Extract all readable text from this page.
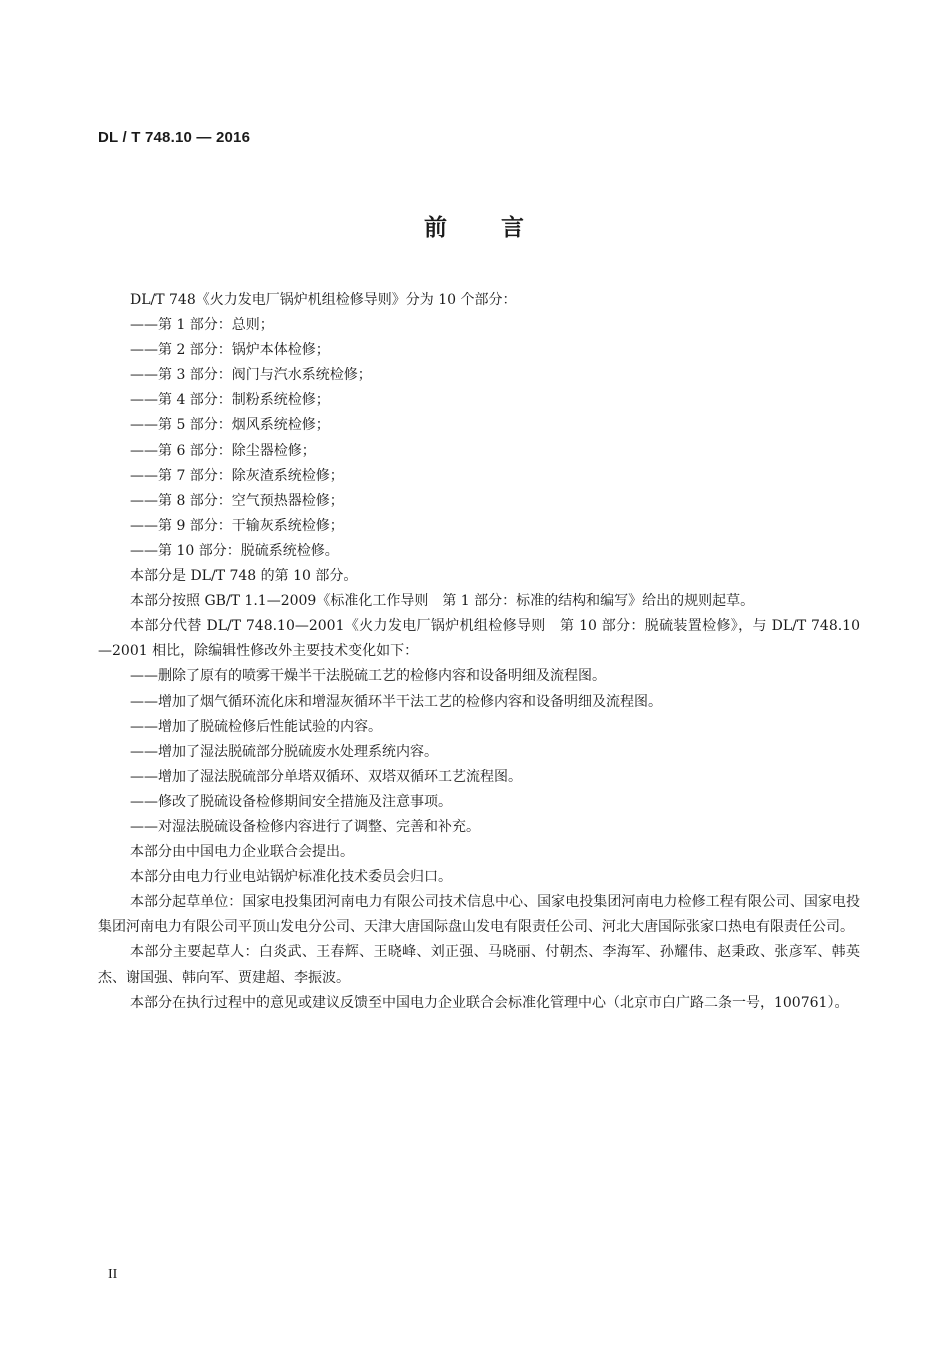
DL / T 748.10 — 2016
前 言

DL/T 748《火力发电厂锅炉机组检修导则》分为 10 个部分：

——第 1 部分：总则；

——第 2 部分：锅炉本体检修；

——第 3 部分：阀门与汽水系统检修；

——第 4 部分：制粉系统检修；

——第 5 部分：烟风系统检修；

——第 6 部分：除尘器检修；

——第 7 部分：除灰渣系统检修；

——第 8 部分：空气预热器检修；

——第 9 部分：干输灰系统检修；

——第 10 部分：脱硫系统检修。

本部分是 DL/T 748 的第 10 部分。

本部分按照 GB/T 1.1—2009《标准化工作导则　第 1 部分：标准的结构和编写》给出的规则起草。

本部分代替 DL/T 748.10—2001《火力发电厂锅炉机组检修导则　第 10 部分：脱硫装置检修》，与 DL/T 748.10—2001 相比，除编辑性修改外主要技术变化如下：

——删除了原有的喷雾干燥半干法脱硫工艺的检修内容和设备明细及流程图。

——增加了烟气循环流化床和增湿灰循环半干法工艺的检修内容和设备明细及流程图。

——增加了脱硫检修后性能试验的内容。

——增加了湿法脱硫部分脱硫废水处理系统内容。

——增加了湿法脱硫部分单塔双循环、双塔双循环工艺流程图。

——修改了脱硫设备检修期间安全措施及注意事项。

——对湿法脱硫设备检修内容进行了调整、完善和补充。

本部分由中国电力企业联合会提出。

本部分由电力行业电站锅炉标准化技术委员会归口。

本部分起草单位：国家电投集团河南电力有限公司技术信息中心、国家电投集团河南电力检修工程有限公司、国家电投集团河南电力有限公司平顶山发电分公司、天津大唐国际盘山发电有限责任公司、河北大唐国际张家口热电有限责任公司。

本部分主要起草人：白炎武、王春辉、王晓峰、刘正强、马晓丽、付朝杰、李海军、孙耀伟、赵秉政、张彦军、韩英杰、谢国强、韩向军、贾建超、李振波。

本部分在执行过程中的意见或建议反馈至中国电力企业联合会标准化管理中心（北京市白广路二条一号，100761）。

II
